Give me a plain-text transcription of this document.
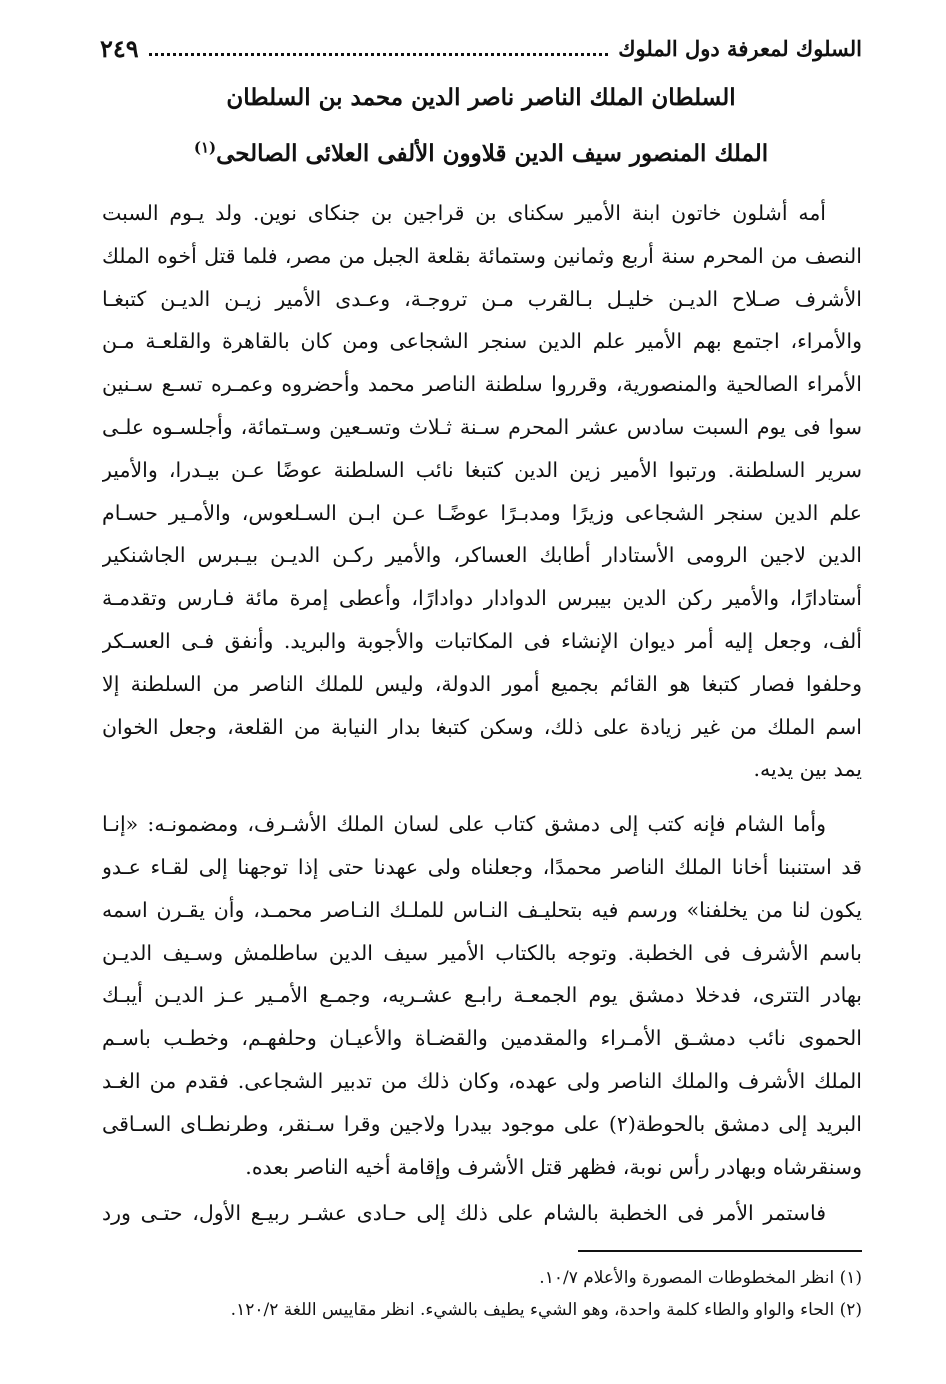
السلوك لمعرفة دول الملوك
٢٤٩
السلطان الملك الناصر ناصر الدين محمد بن السلطان
الملك المنصور سيف الدين قلاوون الألفى العلائى الصالحى$^{(١)}$
أمه أشلون خاتون ابنة الأمير سكناى بن قراجين بن جنكاى نوين. ولد يـوم السبت
النصف من المحرم سنة أربع وثمانين وستمائة بقلعة الجبل من مصر، فلما قتل أخوه الملك
الأشرف صـلاح الديـن خليـل بـالقرب مـن تروجـة، وعـدى الأمير زيـن الديـن كتبغـا
والأمراء، اجتمع بهم الأمير علم الدين سنجر الشجاعى ومن كان بالقاهرة والقلعـة مـن
الأمراء الصالحية والمنصورية، وقرروا سلطنة الناصر محمد وأحضروه وعمـره تسـع سـنين
سوا فى يوم السبت سادس عشر المحرم سـنة ثـلاث وتسـعين وسـتمائة، وأجلسـوه علـى
سرير السلطنة. ورتبوا الأمير زين الدين كتبغا نائب السلطنة عوضًا عـن بيـدرا، والأمير
علم الدين سنجر الشجاعى وزيرًا ومدبـرًا عوضًـا عـن ابـن السـلعوس، والأمـير حسـام
الدين لاجين الرومى الأستادار أطابك العساكر، والأمير ركـن الديـن بيـبرس الجاشنكير
أستادارًا، والأمير ركن الدين بيبرس الدوادار دوادارًا، وأعطى إمرة مائة فـارس وتقدمـة
ألف، وجعل إليه أمر ديوان الإنشاء فى المكاتبات والأجوبة والبريد. وأنفق فـى العسـكر
وحلفوا فصار كتبغا هو القائم بجميع أمور الدولة، وليس للملك الناصر من السلطنة إلا
اسم الملك من غير زيادة على ذلك، وسكن كتبغا بدار النيابة من القلعة، وجعل الخوان
يمد بين يديه.
وأما الشام فإنه كتب إلى دمشق كتاب على لسان الملك الأشـرف، ومضمونـه: «إنـا
قد استنبنا أخانا الملك الناصر محمدًا، وجعلناه ولى عهدنا حتى إذا توجهنا إلى لقـاء عـدو
يكون لنا من يخلفنا» ورسم فيه بتحليـف النـاس للملـك النـاصر محمـد، وأن يقـرن اسمه
باسم الأشرف فى الخطبة. وتوجه بالكتاب الأمير سيف الدين ساطلمش وسـيف الديـن
بهادر التترى، فدخلا دمشق يوم الجمعـة رابـع عشـريه، وجمـع الأمـير عـز الديـن أيبـك
الحموى نائب دمشـق الأمـراء والمقدمين والقضـاة والأعيـان وحلفهـم، وخطـب باسـم
الملك الأشرف والملك الناصر ولى عهده، وكان ذلك من تدبير الشجاعى. فقدم من الغـد
البريد إلى دمشق بالحوطة(٢) على موجود بيدرا ولاجين وقرا سـنقر، وطرنطـاى السـاقى
وسنقرشاه وبهادر رأس نوبة، فظهر قتل الأشرف وإقامة أخيه الناصر بعده.
فاستمر الأمر فى الخطبة بالشام على ذلك إلى حـادى عشـر ربيـع الأول، حتـى ورد
(١) انظر المخطوطات المصورة والأعلام ١٠/٧.
(٢) الحاء والواو والطاء كلمة واحدة، وهو الشيء يطيف بالشيء. انظر مقاييس اللغة ١٢٠/٢.
